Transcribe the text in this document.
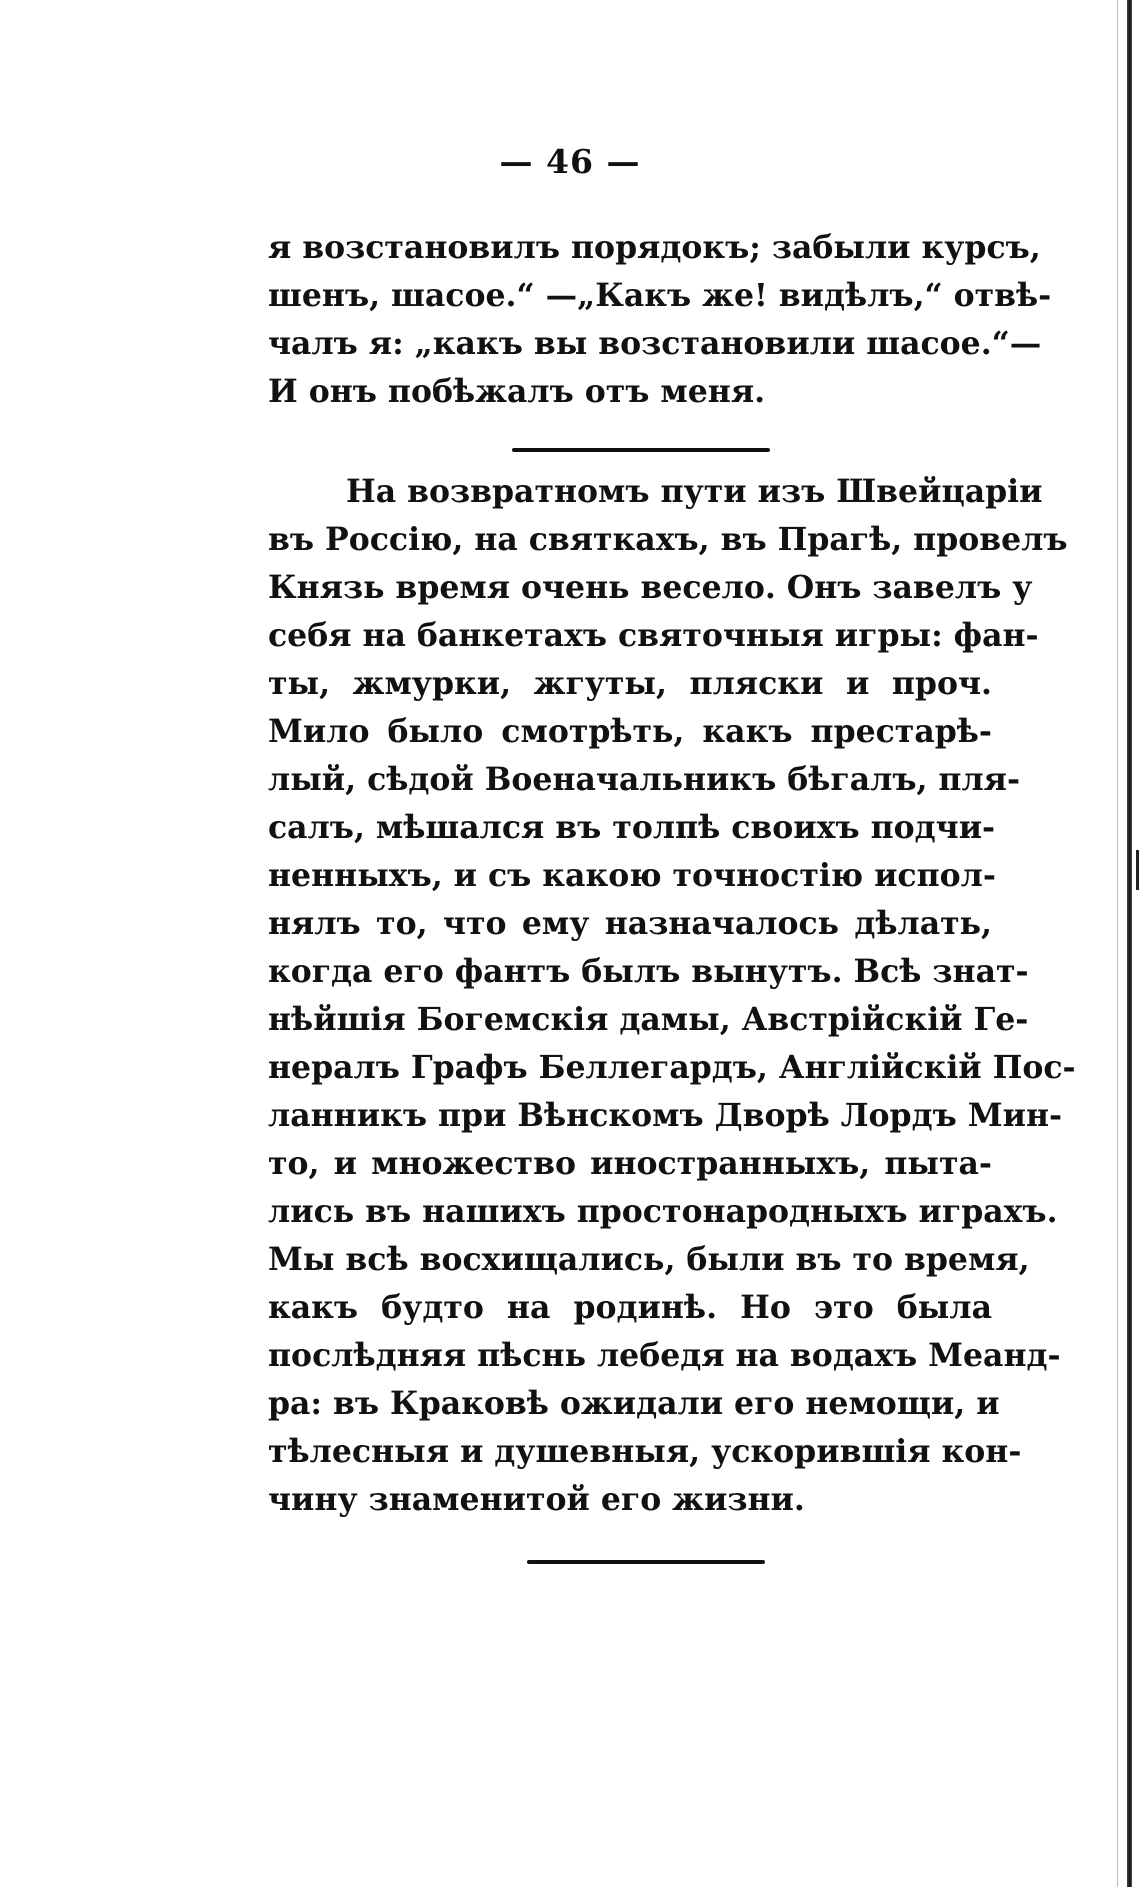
— 46 —
я возстановилъ порядокъ; забыли курсъ,
шенъ, шасое.“ —„Какъ же! видѣлъ,“ отвѣ-
чалъ я: „какъ вы возстановили шасое.“—
И онъ побѣжалъ отъ меня.
На возвратномъ пути изъ Швейцаріи
въ Россію, на святкахъ, въ Прагѣ, провелъ
Князь время очень весело. Онъ завелъ у
себя на банкетахъ святочныя игры: фан-
ты, жмурки, жгуты, пляски и проч.
Мило было смотрѣть, какъ престарѣ-
лый, сѣдой Военачальникъ бѣгалъ, пля-
салъ, мѣшался въ толпѣ своихъ подчи-
ненныхъ, и съ какою точностію испол-
нялъ то, что ему назначалось дѣлать,
когда его фантъ былъ вынутъ. Всѣ знат-
нѣйшія Богемскія дамы, Австрійскій Ге-
нералъ Графъ Беллегардъ, Англійскій Пос-
ланникъ при Вѣнскомъ Дворѣ Лордъ Мин-
то, и множество иностранныхъ, пыта-
лись въ нашихъ простонародныхъ играхъ.
Мы всѣ восхищались, были въ то время,
какъ будто на родинѣ. Но это была
послѣдняя пѣснь лебедя на водахъ Меанд-
ра: въ Краковѣ ожидали его немощи, и
тѣлесныя и душевныя, ускорившія кон-
чину знаменитой его жизни.
